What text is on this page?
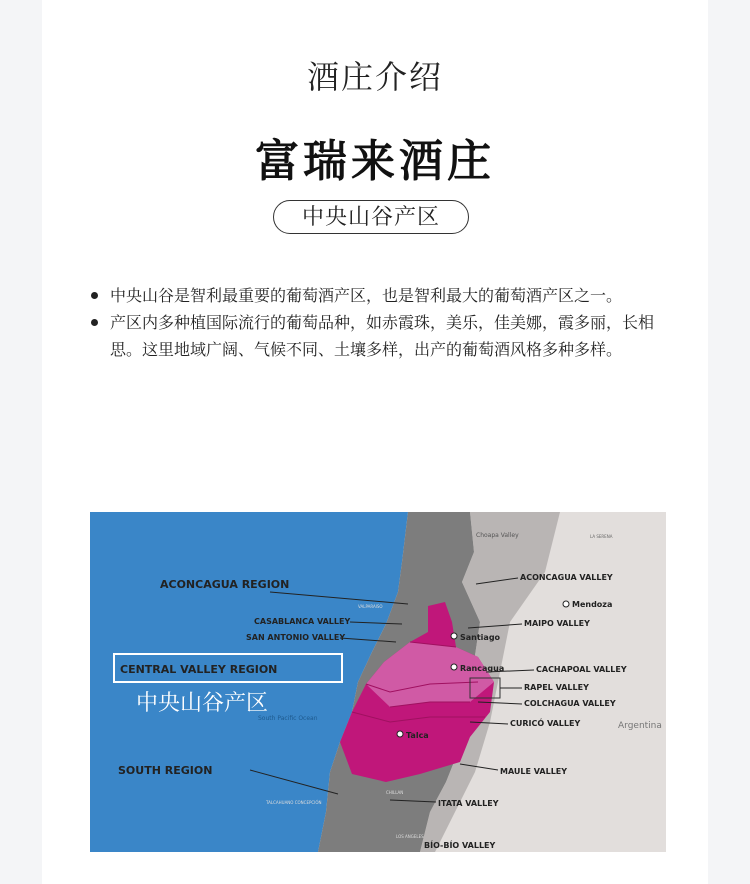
酒庄介绍
富瑞来酒庄
中央山谷产区
中央山谷是智利最重要的葡萄酒产区，也是智利最大的葡萄酒产区之一。
产区内多种植国际流行的葡萄品种，如赤霞珠，美乐，佳美娜，霞多丽，长相思。这里地域广阔、气候不同、土壤多样，出产的葡萄酒风格多种多样。
Santiago
Rancagua
Talca
Mendoza
ACONCAGUA REGION
CASABLANCA VALLEY
SAN ANTONIO VALLEY
CENTRAL VALLEY REGION
中央山谷产区
South Pacific Ocean
SOUTH REGION
VALPARAISO
TALCAHUANO CONCEPCIÓN
CHILLAN
LOS ANGELES
Choapa Valley	LA SERENA
ACONCAGUA VALLEY
MAIPO VALLEY
CACHAPOAL VALLEY
RAPEL VALLEY
COLCHAGUA VALLEY
CURICÓ VALLEY	Argentina
MAULE VALLEY
ITATA VALLEY
BÍO-BÍO VALLEY
